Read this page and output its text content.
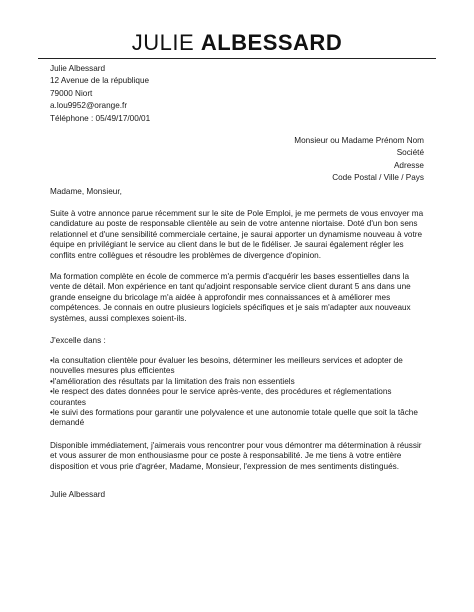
JULIE ALBESSARD
Julie Albessard
12 Avenue de la république
79000 Niort
a.lou9952@orange.fr
Téléphone : 05/49/17/00/01
Monsieur ou Madame Prénom Nom
Société
Adresse
Code Postal / Ville / Pays
Madame, Monsieur,
Suite à votre annonce parue récemment sur le site de Pole Emploi, je me permets de vous envoyer ma candidature au poste de responsable clientèle au sein de votre antenne niortaise. Doté d'un bon sens relationnel et d'une sensibilité commerciale certaine, je saurai apporter un dynamisme nouveau à votre équipe en privilégiant le service au client dans le but de le fidéliser. Je saurai également régler les conflits entre collègues et résoudre les problèmes de divergence d'opinion.
Ma formation complète en école de commerce m'a permis d'acquérir les bases essentielles dans la vente de détail. Mon expérience en tant qu'adjoint responsable service client durant 5 ans dans une grande enseigne du bricolage m'a aidée à approfondir mes connaissances et à améliorer mes compétences. Je connais en outre plusieurs logiciels spécifiques et je sais m'adapter aux nouveaux systèmes, aussi complexes soient-ils.
J'excelle dans :
•la consultation clientèle pour évaluer les besoins, déterminer les meilleurs services et adopter de nouvelles mesures plus efficientes
•l'amélioration des résultats par la limitation des frais non essentiels
•le respect des dates données pour le service après-vente, des procédures et réglementations courantes
•le suivi des formations pour garantir une polyvalence et une autonomie totale quelle que soit la tâche demandé
Disponible immédiatement, j'aimerais vous rencontrer pour vous démontrer ma détermination à réussir et vous assurer de mon enthousiasme pour ce poste à responsabilité. Je me tiens à votre entière disposition et vous prie d'agréer, Madame, Monsieur, l'expression de mes sentiments distingués.
Julie Albessard
